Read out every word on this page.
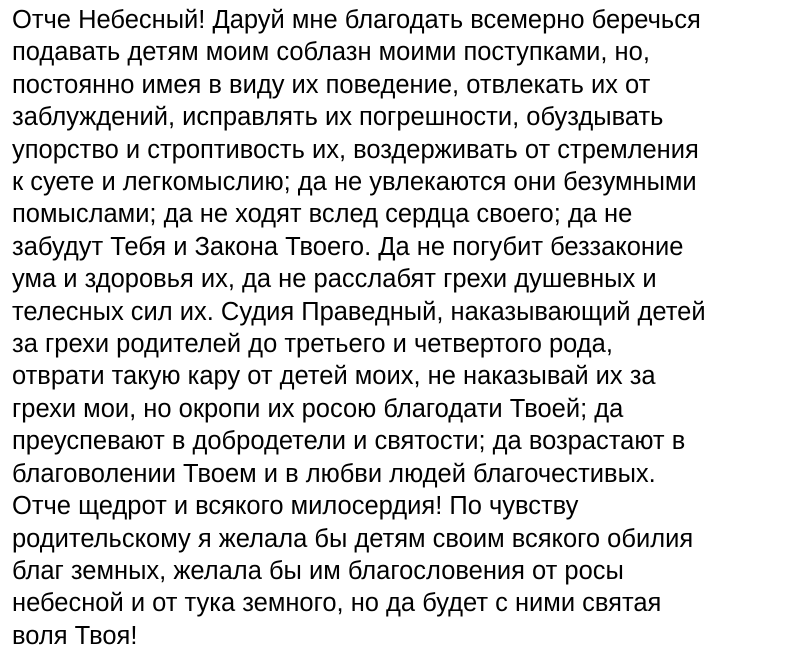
Отче Небесный! Даруй мне благодать всемерно беречься
подавать детям моим соблазн моими поступками, но,
постоянно имея в виду их поведение, отвлекать их от
заблуждений, исправлять их погрешности, обуздывать
упорство и строптивость их, воздерживать от стремления
к суете и легкомыслию; да не увлекаются они безумными
помыслами; да не ходят вслед сердца своего; да не
забудут Тебя и Закона Твоего. Да не погубит беззаконие
ума и здоровья их, да не расслабят грехи душевных и
телесных сил их. Судия Праведный, наказывающий детей
за грехи родителей до третьего и четвертого рода,
отврати такую кару от детей моих, не наказывай их за
грехи мои, но окропи их росою благодати Твоей; да
преуспевают в добродетели и святости; да возрастают в
благоволении Твоем и в любви людей благочестивых.
Отче щедрот и всякого милосердия! По чувству
родительскому я желала бы детям своим всякого обилия
благ земных, желала бы им благословения от росы
небесной и от тука земного, но да будет с ними святая
воля Твоя!
